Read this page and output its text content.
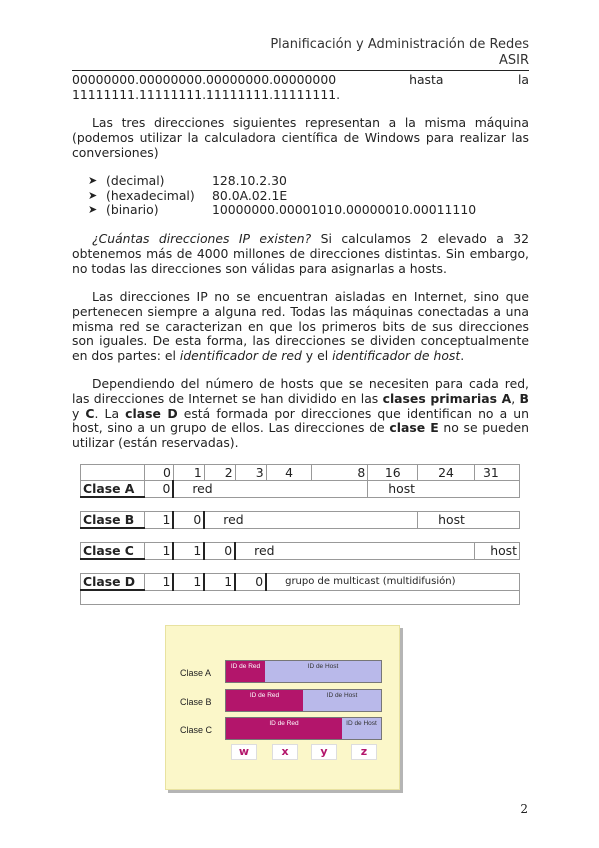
Planificación y Administración de Redes
ASIR
00000000.00000000.00000000.00000000	hasta	la
11111111.11111111.11111111.11111111.
Las tres direcciones siguientes representan a la misma máquina (podemos utilizar la calculadora científica de Windows para realizar las conversiones)
➤ (decimal)	128.10.2.30
➤ (hexadecimal)	80.0A.02.1E
➤ (binario)	10000000.00001010.00000010.00011110
¿Cuántas direcciones IP existen? Si calculamos 2 elevado a 32 obtenemos más de 4000 millones de direcciones distintas. Sin embargo, no todas las direcciones son válidas para asignarlas a hosts.
Las direcciones IP no se encuentran aisladas en Internet, sino que pertenecen siempre a alguna red. Todas las máquinas conectadas a una misma red se caracterizan en que los primeros bits de sus direcciones son iguales. De esta forma, las direcciones se dividen conceptualmente en dos partes: el identificador de red y el identificador de host.
Dependiendo del número de hosts que se necesiten para cada red, las direcciones de Internet se han dividido en las clases primarias A, B y C. La clase D está formada por direcciones que identifican no a un host, sino a un grupo de ellos. Las direcciones de clase E no se pueden utilizar (están reservadas).
	0	1	2	3	4	8	16	24	31
Clase A	0	red					host		

Clase B	1	0	red					host	

Clase C	1	1	0	red					host

Clase D	1	1	1	0	grupo de multicast (multidifusión)				

Clase A
ID de Red	ID de Host
Clase B
ID de Red	ID de Host
Clase C
ID de Red	ID de Host
w	x	y	z
2
